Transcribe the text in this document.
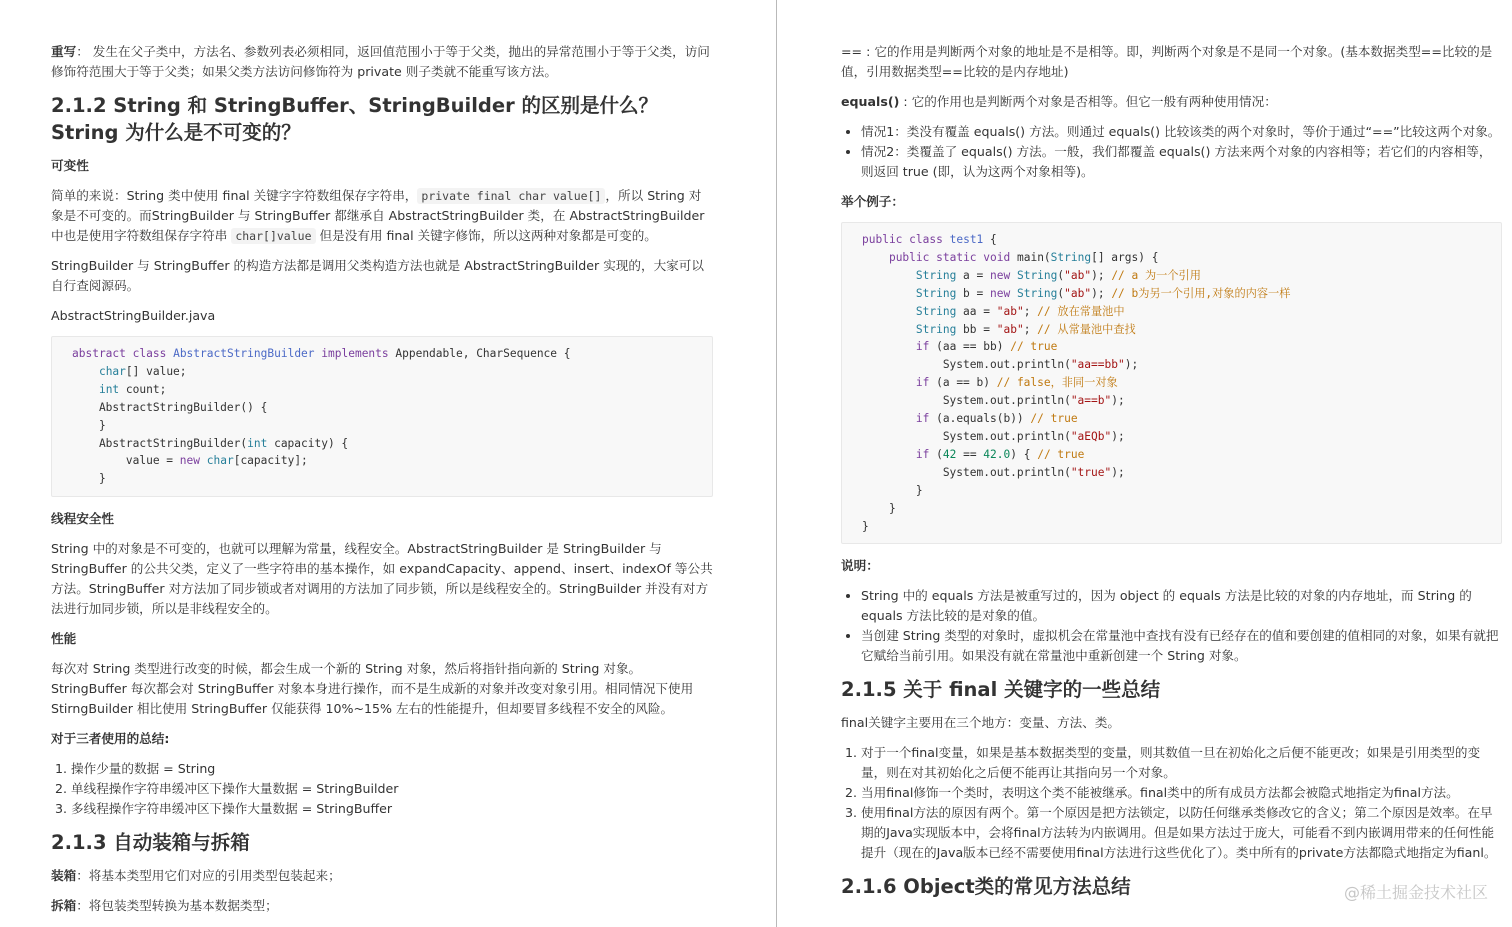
重写： 发生在父子类中，方法名、参数列表必须相同，返回值范围小于等于父类，抛出的异常范围小于等于父类，访问修饰符范围大于等于父类；如果父类方法访问修饰符为 private 则子类就不能重写该方法。

2.1.2 String 和 StringBuffer、StringBuilder 的区别是什么？String 为什么是不可变的？
可变性

简单的来说：String 类中使用 final 关键字字符数组保存字符串， private final char value[] ，所以 String 对象是不可变的。而StringBuilder 与 StringBuffer 都继承自 AbstractStringBuilder 类，在 AbstractStringBuilder 中也是使用字符数组保存字符串 char[]value 但是没有用 final 关键字修饰，所以这两种对象都是可变的。

StringBuilder 与 StringBuffer 的构造方法都是调用父类构造方法也就是 AbstractStringBuilder 实现的，大家可以自行查阅源码。

AbstractStringBuilder.java

abstract class AbstractStringBuilder implements Appendable, CharSequence {
char[] value;
int count;
AbstractStringBuilder() {
}
AbstractStringBuilder(int capacity) {
value = new char[capacity];
}
线程安全性

String 中的对象是不可变的，也就可以理解为常量，线程安全。AbstractStringBuilder 是 StringBuilder 与 StringBuffer 的公共父类，定义了一些字符串的基本操作，如 expandCapacity、append、insert、indexOf 等公共方法。StringBuffer 对方法加了同步锁或者对调用的方法加了同步锁，所以是线程安全的。StringBuilder 并没有对方法进行加同步锁，所以是非线程安全的。

性能

每次对 String 类型进行改变的时候，都会生成一个新的 String 对象，然后将指针指向新的 String 对象。StringBuffer 每次都会对 StringBuffer 对象本身进行操作，而不是生成新的对象并改变对象引用。相同情况下使用 StirngBuilder 相比使用 StringBuffer 仅能获得 10%~15% 左右的性能提升，但却要冒多线程不安全的风险。

对于三者使用的总结:
1. 操作少量的数据 = String
2. 单线程操作字符串缓冲区下操作大量数据 = StringBuilder
3. 多线程操作字符串缓冲区下操作大量数据 = StringBuffer
2.1.3 自动装箱与拆箱

装箱：将基本类型用它们对应的引用类型包装起来；

拆箱：将包装类型转换为基本数据类型；

== : 它的作用是判断两个对象的地址是不是相等。即，判断两个对象是不是同一个对象。(基本数据类型==比较的是值，引用数据类型==比较的是内存地址)

equals() : 它的作用也是判断两个对象是否相等。但它一般有两种使用情况：

• 情况1：类没有覆盖 equals() 方法。则通过 equals() 比较该类的两个对象时，等价于通过“==”比较这两个对象。
• 情况2：类覆盖了 equals() 方法。一般，我们都覆盖 equals() 方法来两个对象的内容相等；若它们的内容相等，则返回 true (即，认为这两个对象相等)。
举个例子：
public class test1 {
public static void main(String[] args) {
String a = new String("ab"); // a 为一个引用
String b = new String("ab"); // b为另一个引用,对象的内容一样
String aa = "ab"; // 放在常量池中
String bb = "ab"; // 从常量池中查找
if (aa == bb) // true
System.out.println("aa==bb");
if (a == b) // false，非同一对象
System.out.println("a==b");
if (a.equals(b)) // true
System.out.println("aEQb");
if (42 == 42.0) { // true
System.out.println("true");
}
}
}
说明：
• String 中的 equals 方法是被重写过的，因为 object 的 equals 方法是比较的对象的内存地址，而 String 的 equals 方法比较的是对象的值。
• 当创建 String 类型的对象时，虚拟机会在常量池中查找有没有已经存在的值和要创建的值相同的对象，如果有就把它赋给当前引用。如果没有就在常量池中重新创建一个 String 对象。
2.1.5 关于 final 关键字的一些总结

final关键字主要用在三个地方：变量、方法、类。

1. 对于一个final变量，如果是基本数据类型的变量，则其数值一旦在初始化之后便不能更改；如果是引用类型的变量，则在对其初始化之后便不能再让其指向另一个对象。
2. 当用final修饰一个类时，表明这个类不能被继承。final类中的所有成员方法都会被隐式地指定为final方法。
3. 使用final方法的原因有两个。第一个原因是把方法锁定，以防任何继承类修改它的含义；第二个原因是效率。在早期的Java实现版本中，会将final方法转为内嵌调用。但是如果方法过于庞大，可能看不到内嵌调用带来的任何性能提升（现在的Java版本已经不需要使用final方法进行这些优化了）。类中所有的private方法都隐式地指定为fianl。
2.1.6 Object类的常见方法总结	@稀土掘金技术社区
